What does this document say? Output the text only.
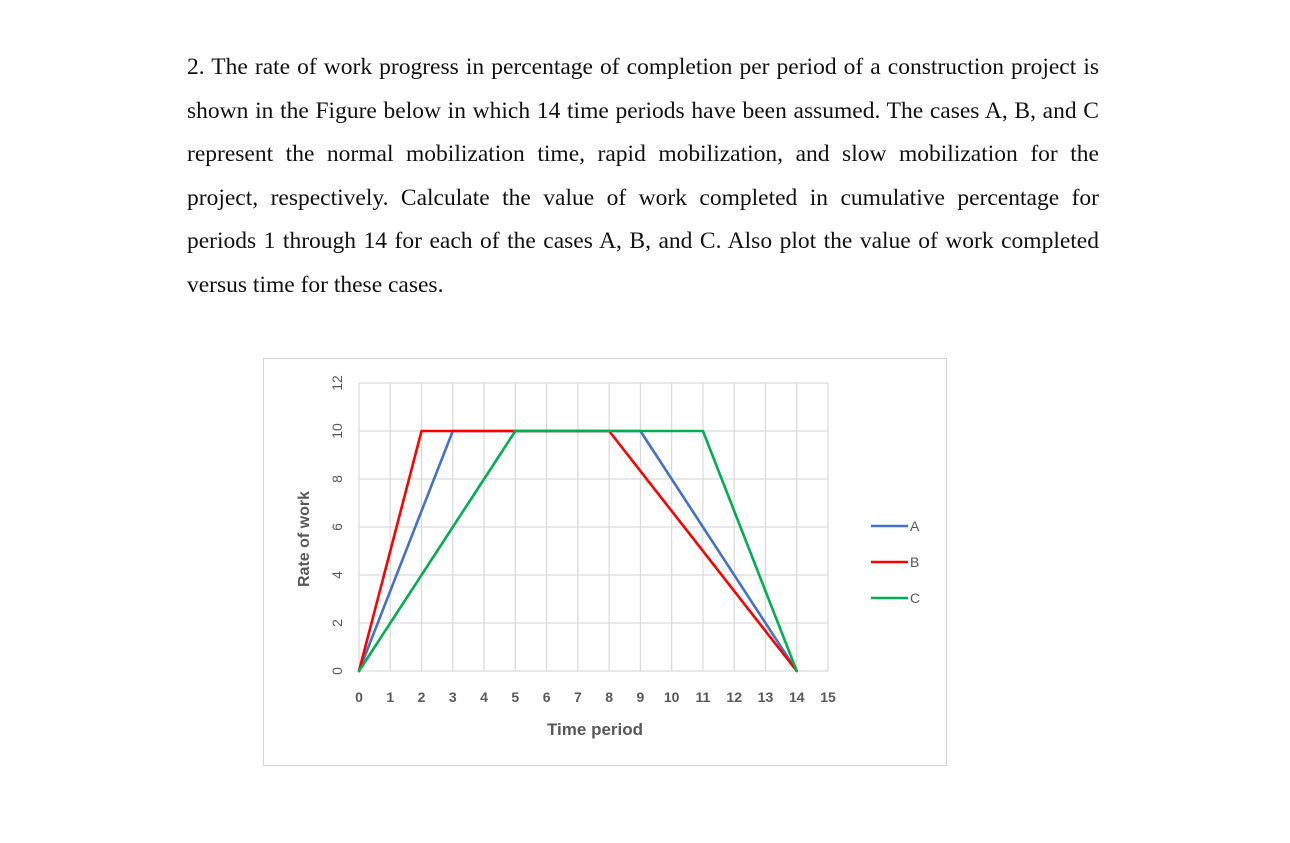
2. The rate of work progress in percentage of completion per period of a construction project is shown in the Figure below in which 14 time periods have been assumed. The cases A, B, and C represent the normal mobilization time, rapid mobilization, and slow mobilization for the project, respectively. Calculate the value of work completed in cumulative percentage for periods 1 through 14 for each of the cases A, B, and C. Also plot the value of work completed versus time for these cases.

0
2
4
6
8
10
12
0 1 2 3 4 5 6 7 8 9 10 11 12 13 14 15
Rate of work
Time period
A
B
C
